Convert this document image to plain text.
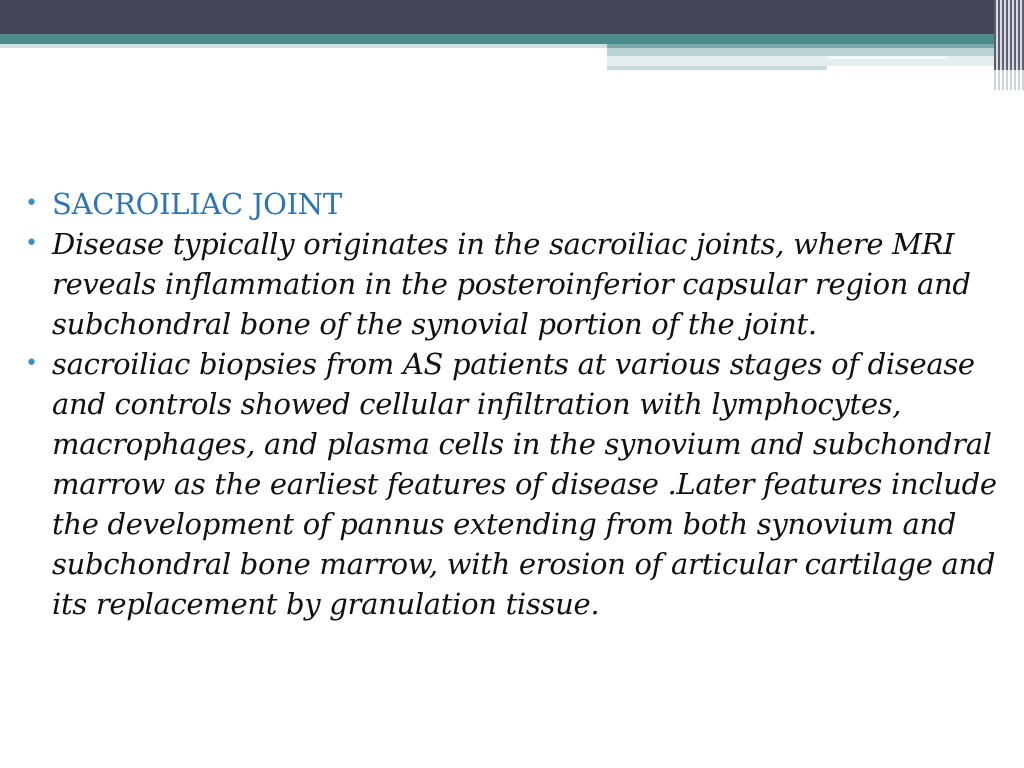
• SACROILIAC JOINT
• Disease typically originates in the sacroiliac joints, where MRI reveals inflammation in the posteroinferior capsular region and subchondral bone of the synovial portion of the joint.
• sacroiliac biopsies from AS patients at various stages of disease and controls showed cellular infiltration with lymphocytes, macrophages, and plasma cells in the synovium and subchondral marrow as the earliest features of disease .Later features include the development of pannus extending from both synovium and subchondral bone marrow, with erosion of articular cartilage and its replacement by granulation tissue.
